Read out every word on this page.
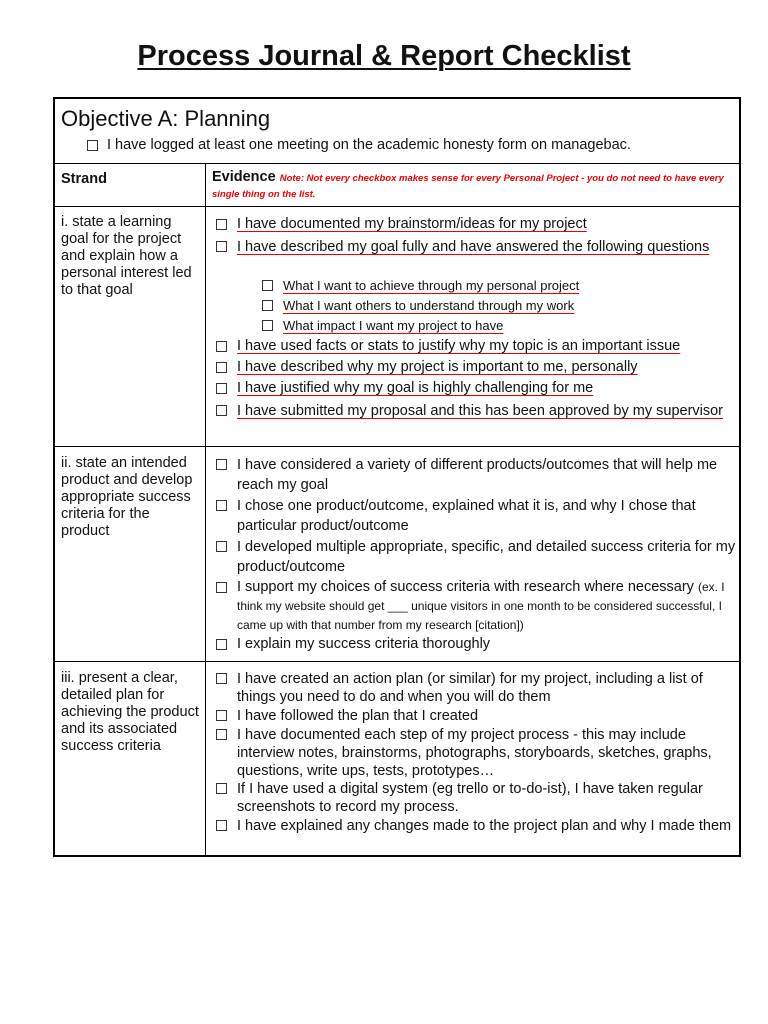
Process Journal & Report Checklist
Objective A: Planning
I have logged at least one meeting on the academic honesty form on managebac.
Strand	Evidence Note: Not every checkbox makes sense for every Personal Project - you do not need to have every single thing on the list.
i. state a learning goal for the project and explain how a personal interest led to that goal
I have documented my brainstorm/ideas for my project
I have described my goal fully and have answered the following questions
What I want to achieve through my personal project
What I want others to understand through my work
What impact I want my project to have
I have used facts or stats to justify why my topic is an important issue
I have described why my project is important to me, personally
I have justified why my goal is highly challenging for me
I have submitted my proposal and this has been approved by my supervisor
ii. state an intended product and develop appropriate success criteria for the product
I have considered a variety of different products/outcomes that will help me reach my goal
I chose one product/outcome, explained what it is, and why I chose that particular product/outcome
I developed multiple appropriate, specific, and detailed success criteria for my product/outcome
I support my choices of success criteria with research where necessary (ex. I think my website should get ___ unique visitors in one month to be considered successful, I came up with that number from my research [citation])
I explain my success criteria thoroughly
iii. present a clear, detailed plan for achieving the product and its associated success criteria
I have created an action plan (or similar) for my project, including a list of things you need to do and when you will do them
I have followed the plan that I created
I have documented each step of my project process - this may include interview notes, brainstorms, photographs, storyboards, sketches, graphs, questions, write ups, tests, prototypes…
If I have used a digital system (eg trello or to-do-ist), I have taken regular screenshots to record my process.
I have explained any changes made to the project plan and why I made them
